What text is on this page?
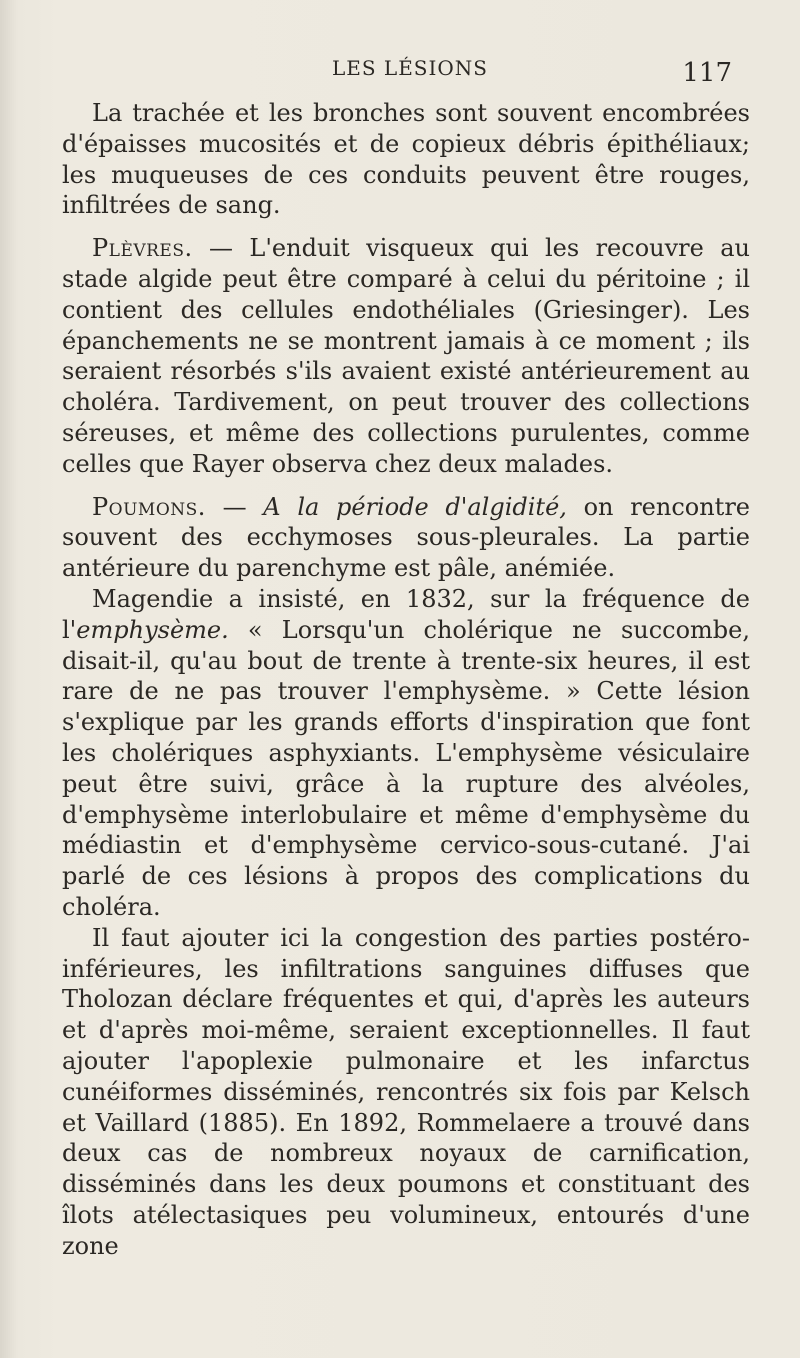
LES LÉSIONS	117

La trachée et les bronches sont souvent encombrées d'épaisses mucosités et de copieux débris épithéliaux; les muqueuses de ces conduits peuvent être rouges, infiltrées de sang.

Plèvres. — L'enduit visqueux qui les recouvre au stade algide peut être comparé à celui du péritoine ; il contient des cellules endothéliales (Griesinger). Les épanchements ne se montrent jamais à ce moment ; ils seraient résorbés s'ils avaient existé antérieurement au choléra. Tardivement, on peut trouver des collections séreuses, et même des collections purulentes, comme celles que Rayer observa chez deux malades.

Poumons. — A la période d'algidité, on rencontre souvent des ecchymoses sous-pleurales. La partie antérieure du parenchyme est pâle, anémiée.

Magendie a insisté, en 1832, sur la fréquence de l'emphysème. « Lorsqu'un cholérique ne succombe, disait-il, qu'au bout de trente à trente-six heures, il est rare de ne pas trouver l'emphysème. » Cette lésion s'explique par les grands efforts d'inspiration que font les cholériques asphyxiants. L'emphysème vésiculaire peut être suivi, grâce à la rupture des alvéoles, d'emphysème interlobulaire et même d'emphysème du médiastin et d'emphysème cervico-sous-cutané. J'ai parlé de ces lésions à propos des complications du choléra.

Il faut ajouter ici la congestion des parties postéro-inférieures, les infiltrations sanguines diffuses que Tholozan déclare fréquentes et qui, d'après les auteurs et d'après moi-même, seraient exceptionnelles. Il faut ajouter l'apoplexie pulmonaire et les infarctus cunéiformes disséminés, rencontrés six fois par Kelsch et Vaillard (1885). En 1892, Rommelaere a trouvé dans deux cas de nombreux noyaux de carnification, disséminés dans les deux poumons et constituant des îlots atélectasiques peu volumineux, entourés d'une zone
